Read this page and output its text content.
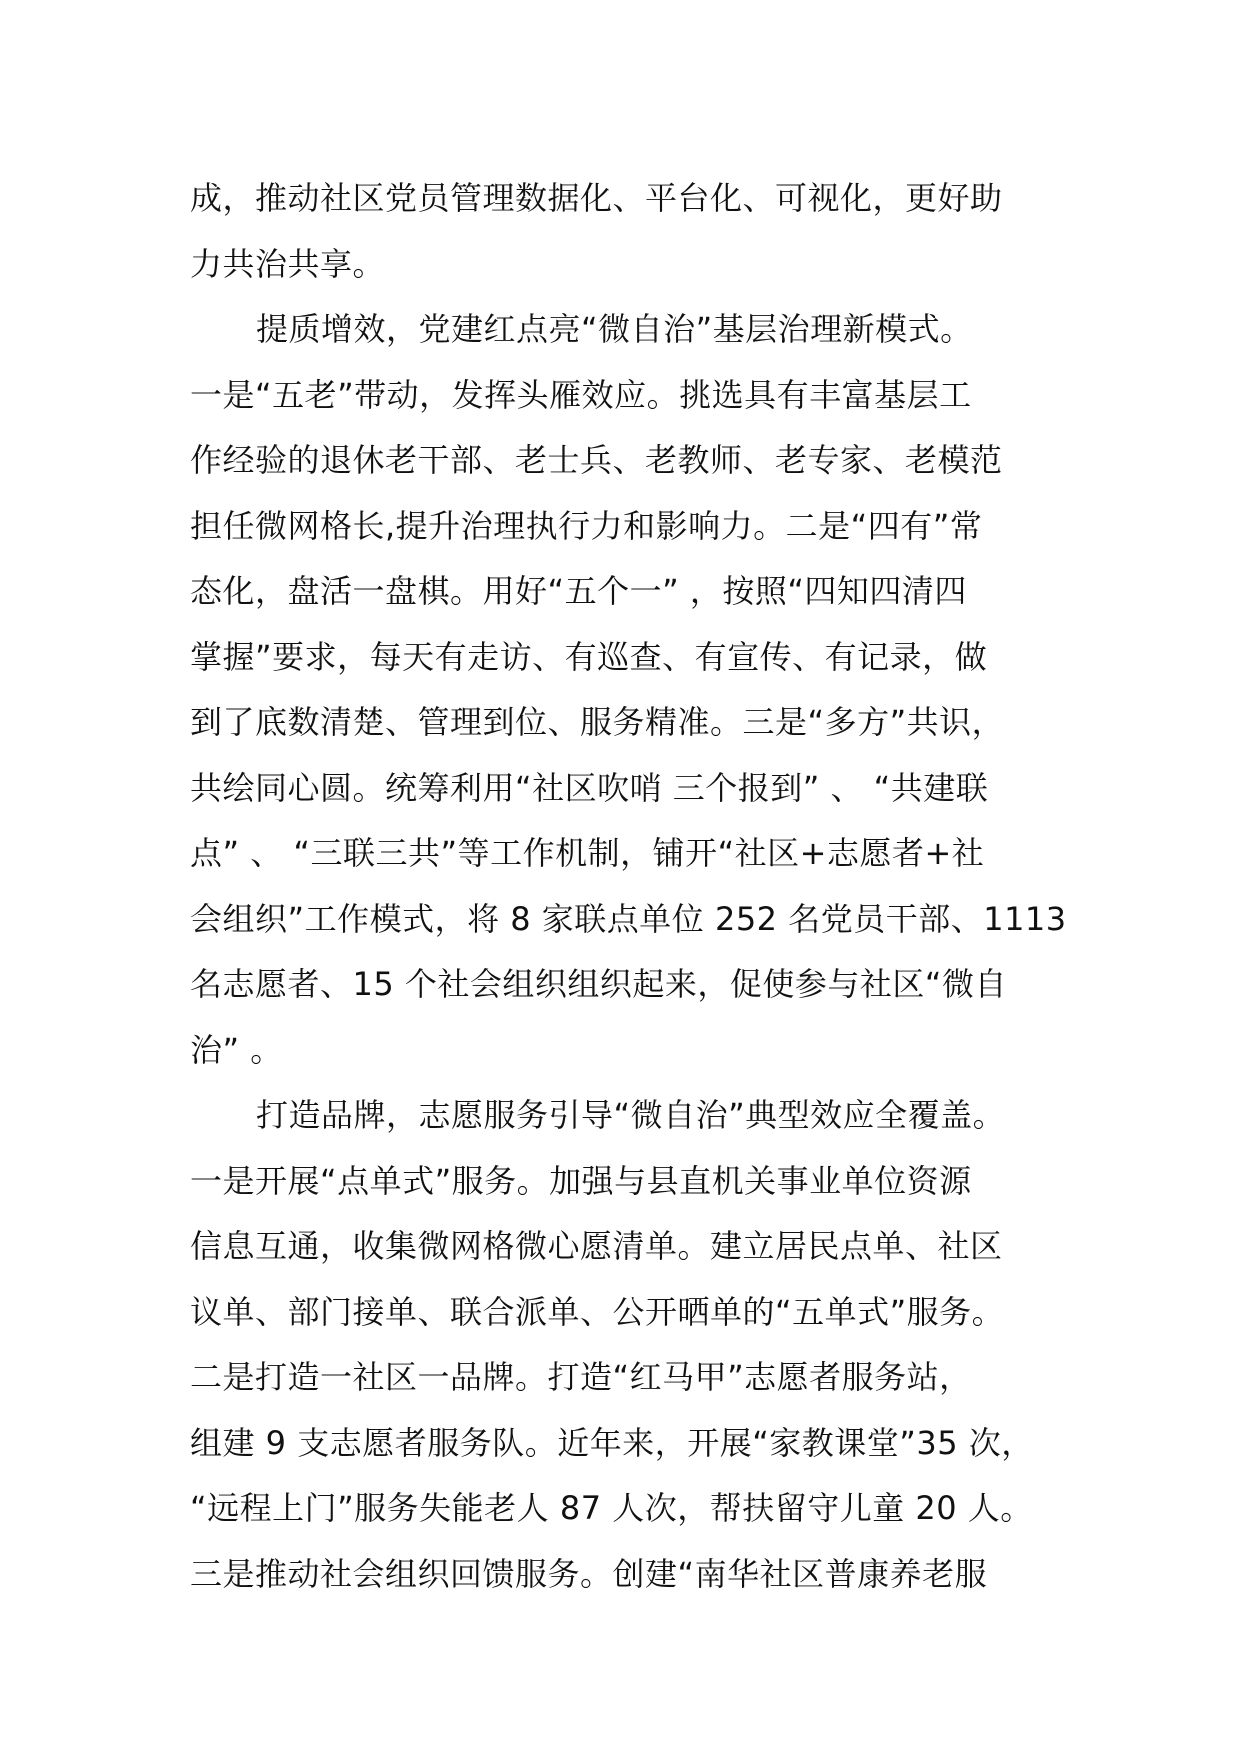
成，推动社区党员管理数据化、平台化、可视化，更好助
力共治共享。
提质增效，党建红点亮“微自治”基层治理新模式。
一是“五老”带动，发挥头雁效应。挑选具有丰富基层工
作经验的退休老干部、老士兵、老教师、老专家、老模范
担任微网格长,提升治理执行力和影响力。二是“四有”常
态化，盘活一盘棋。用好“五个一” ，按照“四知四清四
掌握”要求，每天有走访、有巡查、有宣传、有记录，做
到了底数清楚、管理到位、服务精准。三是“多方”共识，
共绘同心圆。统筹利用“社区吹哨 三个报到” 、 “共建联
点” 、 “三联三共”等工作机制，铺开“社区+志愿者+社
会组织”工作模式，将 8 家联点单位 252 名党员干部、1113
名志愿者、15 个社会组织组织起来，促使参与社区“微自
治” 。
打造品牌，志愿服务引导“微自治”典型效应全覆盖。
一是开展“点单式”服务。加强与县直机关事业单位资源
信息互通，收集微网格微心愿清单。建立居民点单、社区
议单、部门接单、联合派单、公开晒单的“五单式”服务。
二是打造一社区一品牌。打造“红马甲”志愿者服务站，
组建 9 支志愿者服务队。近年来，开展“家教课堂”35 次，
“远程上门”服务失能老人 87 人次，帮扶留守儿童 20 人。
三是推动社会组织回馈服务。创建“南华社区普康养老服
